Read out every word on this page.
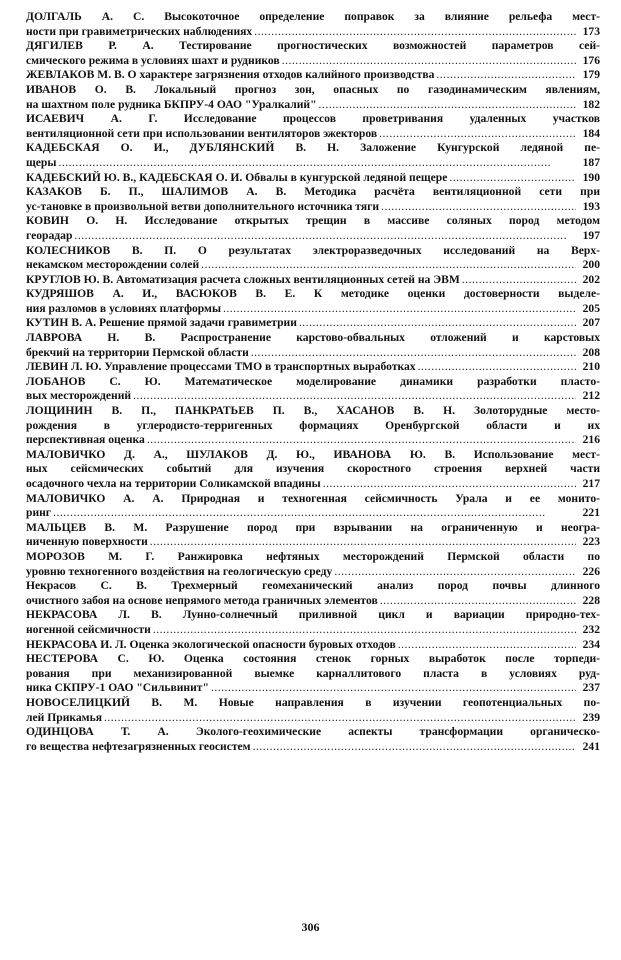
ДОЛГАЛЬ А. С. Высокоточное определение поправок за влияние рельефа мест-
ности при гравиметрических наблюдениях . . .	173
ДЯГИЛЕВ Р. А. Тестирование прогностических возможностей параметров сей-
смического режима в условиях шахт и рудников . . .	176
ЖЕВЛАКОВ М. В. О характере загрязнения отходов калийного производства . . .	179
ИВАНОВ О. В. Локальный прогноз зон, опасных по газодинамическим явлениям,
на шахтном поле рудника БКПРУ-4 ОАО "Уралкалий" . . .	182
ИСАЕВИЧ А. Г. Исследование процессов проветривания удаленных участков
вентиляционной сети при использовании вентиляторов эжекторов . . .	184
КАДЕБСКАЯ О. И., ДУБЛЯНСКИЙ В. Н. Заложение Кунгурской ледяной пе-
щеры . . .	187
КАДЕБСКИЙ Ю. В., КАДЕБСКАЯ О. И. Обвалы в кунгурской ледяной пещере . . .	190
КАЗАКОВ Б. П., ШАЛИМОВ А. В. Методика расчёта вентиляционной сети при
ус-тановке в произвольной ветви дополнительного источника тяги . . .	193
КОВИН О. Н. Исследование открытых трещин в массиве соляных пород методом
георадар . . .	197
КОЛЕСНИКОВ В. П. О результатах электроразведочных исследований на Верх-
некамском месторождении солей . . .	200
КРУГЛОВ Ю. В. Автоматизация расчета сложных вентиляционных сетей на ЭВМ . . .	202
КУДРЯШОВ А. И., ВАСЮКОВ В. Е. К методике оценки достоверности выделе-
ния разломов в условиях платформы . . .	205
КУТИН В. А. Решение прямой задачи гравиметрии . . .	207
ЛАВРОВА Н. В. Распространение карстово-обвальных отложений и карстовых
брекчий на территории Пермской области . . .	208
ЛЕВИН Л. Ю. Управление процессами ТМО в транспортных выработках . . .	210
ЛОБАНОВ С. Ю. Математическое моделирование динамики разработки пласто-
вых месторождений . . .	212
ЛОЩИНИН В. П., ПАНКРАТЬЕВ П. В., ХАСАНОВ В. Н. Золоторудные место-
рождения в углеродисто-терригенных формациях Оренбургской области и их
перспективная оценка . . .	216
МАЛОВИЧКО Д. А., ШУЛАКОВ Д. Ю., ИВАНОВА Ю. В. Использование мест-
ных сейсмических событий для изучения скоростного строения верхней части
осадочного чехла на территории Соликамской впадины . . .	217
МАЛОВИЧКО А. А. Природная и техногенная сейсмичность Урала и ее монито-
ринг . . .	221
МАЛЬЦЕВ В. М. Разрушение пород при взрывании на ограниченную и неогра-
ниченную поверхности . . .	223
МОРОЗОВ М. Г. Ранжировка нефтяных месторождений Пермской области по
уровню техногенного воздействия на геологическую среду . . .	226
Некрасов С. В. Трехмерный геомеханический анализ пород почвы длинного
очистного забоя на основе непрямого метода граничных элементов . . .	228
НЕКРАСОВА Л. В. Лунно-солнечный приливной цикл и вариации природно-тех-
ногенной сейсмичности . . .	232
НЕКРАСОВА И. Л. Оценка экологической опасности буровых отходов . . .	234
НЕСТЕРОВА С. Ю. Оценка состояния стенок горных выработок после торпеди-
рования при механизированной выемке карналлитового пласта в условиях руд-
ника СКПРУ-1 ОАО "Сильвинит" . . .	237
НОВОСЕЛИЦКИЙ В. М. Новые направления в изучении геопотенциальных по-
лей Прикамья . . .	239
ОДИНЦОВА Т. А. Эколого-геохимические аспекты трансформации органическо-
го вещества нефтезагрязненных геосистем . . .	241
306
